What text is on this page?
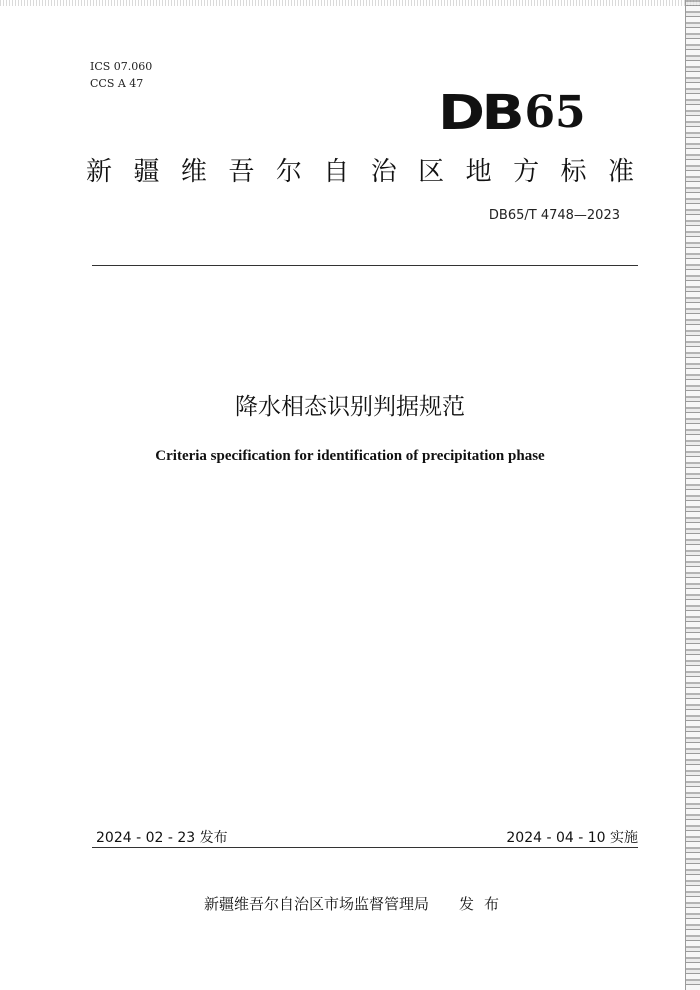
ICS 07.060
CCS A 47
DB 65
新 疆 维 吾 尔 自 治 区 地 方 标 准
DB65/T 4748—2023
降水相态识别判据规范
Criteria specification for identification of precipitation phase
2024 - 02 - 23 发布	2024 - 04 - 10 实施
新疆维吾尔自治区市场监督管理局 发布
